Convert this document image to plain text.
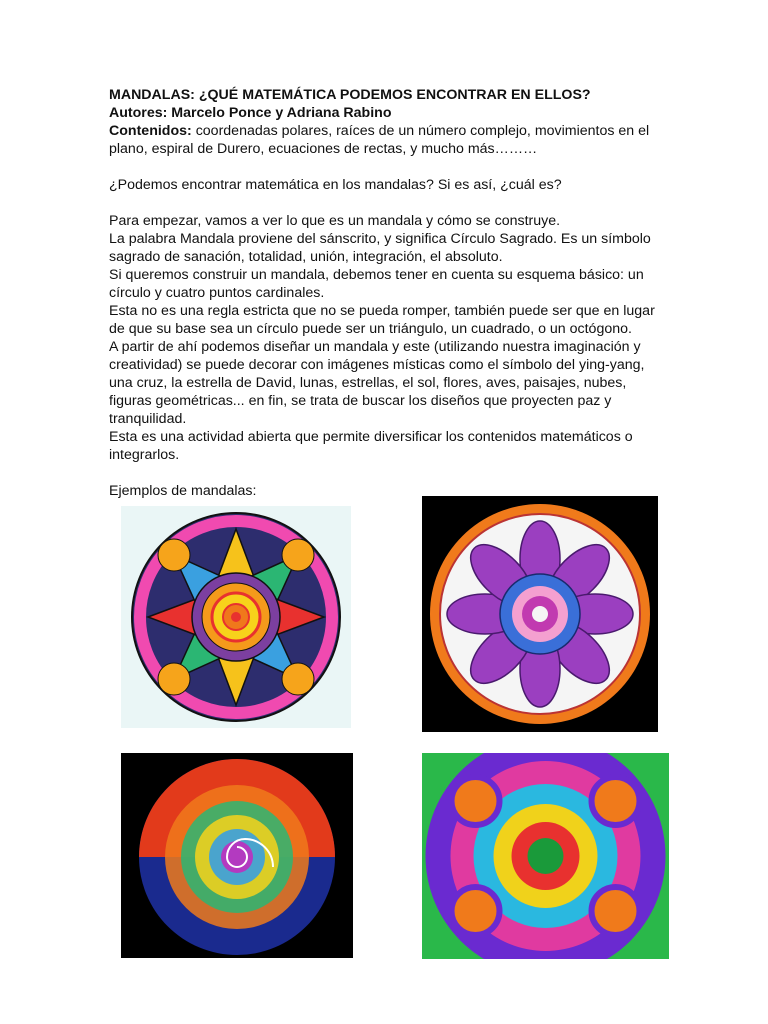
MANDALAS: ¿QUÉ MATEMÁTICA PODEMOS ENCONTRAR EN ELLOS?

Autores: Marcelo Ponce y Adriana Rabino

Contenidos: coordenadas polares, raíces de un número complejo, movimientos en el plano, espiral de Durero, ecuaciones de rectas, y mucho más………

¿Podemos encontrar matemática en los mandalas? Si es así, ¿cuál es?

Para empezar, vamos a ver lo que es un mandala y cómo se construye.

La palabra Mandala proviene del sánscrito, y significa Círculo Sagrado. Es un símbolo sagrado de sanación, totalidad, unión, integración, el absoluto.

Si queremos construir un mandala, debemos tener en cuenta su esquema básico: un círculo y cuatro puntos cardinales.

Esta no es una regla estricta que no se pueda romper, también puede ser que en lugar de que su base sea un círculo puede ser un triángulo, un cuadrado, o un octógono.

A partir de ahí podemos diseñar un mandala y este (utilizando nuestra imaginación y creatividad) se puede decorar con imágenes místicas como el símbolo del ying-yang, una cruz, la estrella de David, lunas, estrellas, el sol, flores, aves, paisajes, nubes, figuras geométricas... en fin, se trata de buscar los diseños que proyecten paz y tranquilidad.

Esta es una actividad abierta que permite diversificar los contenidos matemáticos o integrarlos.

Ejemplos de mandalas:
